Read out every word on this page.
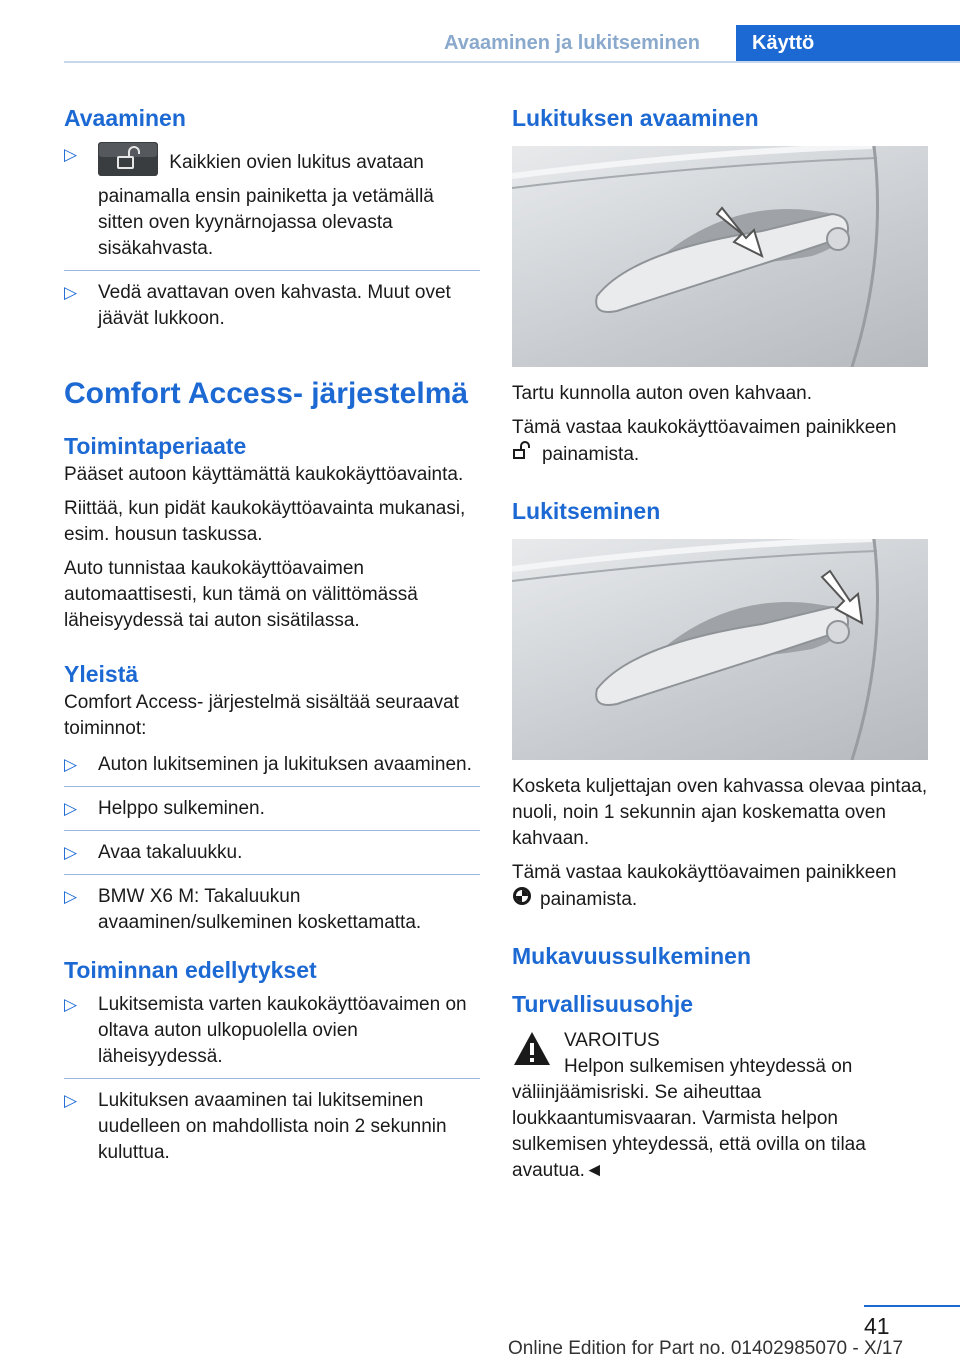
Avaaminen ja lukitseminen	Käyttö
Avaaminen
▷	Kaikkien ovien lukitus avataan painamalla ensin painiketta ja vetämällä sitten oven kyynärnojassa olevasta sisäkahvasta.
▷ Vedä avattavan oven kahvasta. Muut ovet jäävät lukkoon.
Comfort Access- järjestelmä
Toimintaperiaate

Pääset autoon käyttämättä kaukokäyttöavainta.

Riittää, kun pidät kaukokäyttöavainta mukanasi, esim. housun taskussa.

Auto tunnistaa kaukokäyttöavaimen automaattisesti, kun tämä on välittömässä läheisyydessä tai auton sisätilassa.

Yleistä

Comfort Access- järjestelmä sisältää seuraavat toiminnot:

▷ Auton lukitseminen ja lukituksen avaaminen.
▷ Helppo sulkeminen.
▷ Avaa takaluukku.
▷ BMW X6 M: Takaluukun avaaminen/sulkeminen koskettamatta.
Toiminnan edellytykset
▷ Lukitsemista varten kaukokäyttöavaimen on oltava auton ulkopuolella ovien läheisyydessä.
▷ Lukituksen avaaminen tai lukitseminen uudelleen on mahdollista noin 2 sekunnin kuluttua.
Lukituksen avaaminen

Tartu kunnolla auton oven kahvaan.

Tämä vastaa kaukokäyttöavaimen painikkeen
painamista.

Lukitseminen

Kosketa kuljettajan oven kahvassa olevaa pintaa, nuoli, noin 1 sekunnin ajan koskematta oven kahvaan.

Tämä vastaa kaukokäyttöavaimen painikkeen
painamista.

Mukavuussulkeminen
Turvallisuusohje

VAROITUS

Helpon sulkemisen yhteydessä on väliinjäämisriski. Se aiheuttaa loukkaantumisvaaran. Varmista helpon sulkemisen yhteydessä, että ovilla on tilaa avautua.◄

41
Online Edition for Part no. 01402985070 - X/17
